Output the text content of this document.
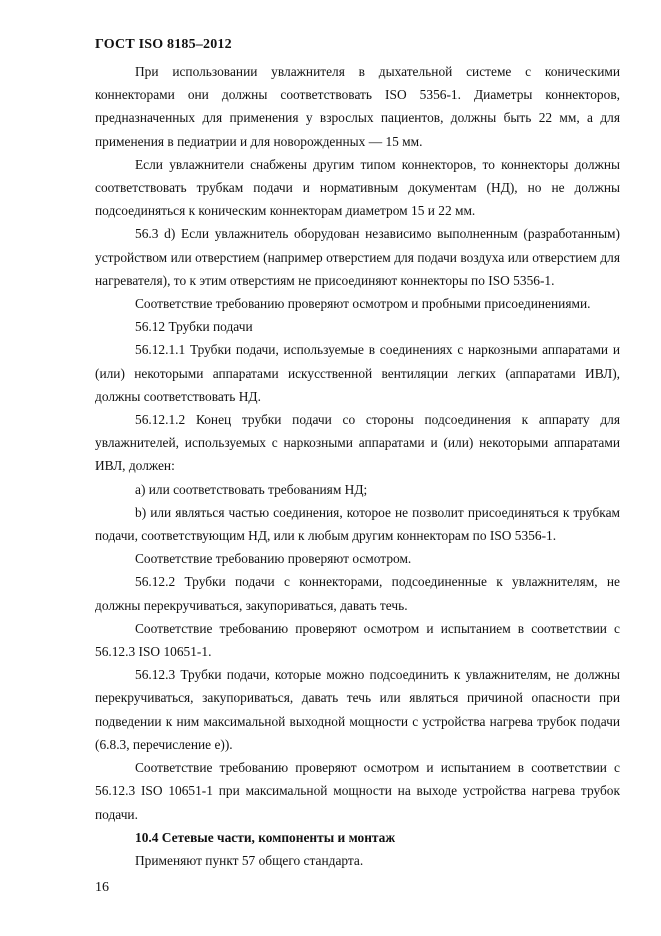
ГОСТ ISO 8185–2012

При использовании увлажнителя в дыхательной системе с коническими коннекторами они должны соответствовать ISO 5356-1. Диаметры коннекторов, предназначенных для применения у взрослых пациентов, должны быть 22 мм, а для применения в педиатрии и для новорожденных — 15 мм.

Если увлажнители снабжены другим типом коннекторов, то коннекторы должны соответствовать трубкам подачи и нормативным документам (НД), но не должны подсоединяться к коническим коннекторам диаметром 15 и 22 мм.

56.3 d) Если увлажнитель оборудован независимо выполненным (разработанным) устройством или отверстием (например отверстием для подачи воздуха или отверстием для нагревателя), то к этим отверстиям не присоединяют коннекторы по ISO 5356-1.

Соответствие требованию проверяют осмотром и пробными присоединениями.

56.12 Трубки подачи

56.12.1.1 Трубки подачи, используемые в соединениях с наркозными аппаратами и (или) некоторыми аппаратами искусственной вентиляции легких (аппаратами ИВЛ), должны соответствовать НД.

56.12.1.2 Конец трубки подачи со стороны подсоединения к аппарату для увлажнителей, используемых с наркозными аппаратами и (или) некоторыми аппаратами ИВЛ, должен:

a) или соответствовать требованиям НД;

b) или являться частью соединения, которое не позволит присоединяться к трубкам подачи, соответствующим НД, или к любым другим коннекторам по ISO 5356-1.

Соответствие требованию проверяют осмотром.

56.12.2 Трубки подачи с коннекторами, подсоединенные к увлажнителям, не должны перекручиваться, закупориваться, давать течь.

Соответствие требованию проверяют осмотром и испытанием в соответствии с 56.12.3 ISO 10651-1.

56.12.3 Трубки подачи, которые можно подсоединить к увлажнителям, не должны перекручиваться, закупориваться, давать течь или являться причиной опасности при подведении к ним максимальной выходной мощности с устройства нагрева трубок подачи (6.8.3, перечисление е)).

Соответствие требованию проверяют осмотром и испытанием в соответствии с 56.12.3 ISO 10651-1 при максимальной мощности на выходе устройства нагрева трубок подачи.

10.4 Сетевые части, компоненты и монтаж

Применяют пункт 57 общего стандарта.

16
